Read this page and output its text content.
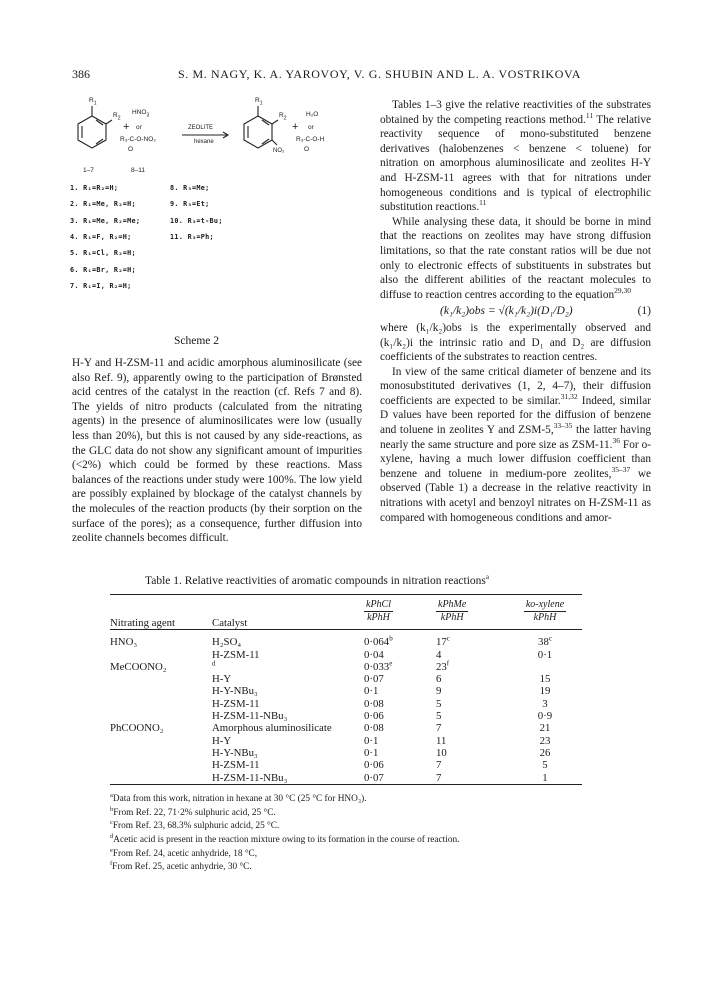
386	S. M. NAGY, K. A. YAROVOY, V. G. SHUBIN AND L. A. VOSTRIKOVA
$R_1$
$R_2$
$HNO_3$
+ or
R₃-C-O-NO₂
O
ZEOLITE
hexane
$R_1$
$R_2$
NO₂
H₂O
+ or
R₃-C-O-H
O
1–7	8–11
1. R₁=R₂=H;
2. R₁=Me, R₂=H;
3. R₁=Me, R₂=Me;
4. R₁=F, R₂=H;
5. R₁=Cl, R₂=H;
6. R₁=Br, R₂=H;
7. R₁=I, R₂=H;
8. R₃=Me;
9. R₃=Et;
10. R₃=t-Bu;
11. R₃=Ph;
Scheme 2

H-Y and H-ZSM-11 and acidic amorphous aluminosilicate (see also Ref. 9), apparently owing to the participation of Brønsted acid centres of the catalyst in the reaction (cf. Refs 7 and 8). The yields of nitro products (calculated from the nitrating agents) in the presence of aluminosilicates were low (usually less than 20%), but this is not caused by any side-reactions, as the GLC data do not show any significant amount of impurities (<2%) which could be formed by these reactions. Mass balances of the reactions under study were 100%. The low yield are possibly explained by blockage of the catalyst channels by the molecules of the reaction products (by their sorption on the surface of the pores); as a consequence, further diffusion into zeolite channels becomes difficult.

Tables 1–3 give the relative reactivities of the substrates obtained by the competing reactions method.$^{11}$ The relative reactivity sequence of mono-substituted benzene derivatives (halobenzenes < benzene < toluene) for nitration on amorphous aluminosilicate and zeolites H-Y and H-ZSM-11 agrees with that for nitrations under homogeneous conditions and is typical of electrophilic substitution reactions.$^{11}$

While analysing these data, it should be borne in mind that the reactions on zeolites may have strong diffusion limitations, so that the rate constant ratios will be due not only to electronic effects of substituents in substrates but also the different abilities of the reactant molecules to diffuse to reaction centres according to the equation$^{29,30}$

(k₁/k₂)obs = √(k₁/k₂)i(D₁/D₂)	(1)

where (k₁/k₂)obs is the experimentally observed and (k₁/k₂)i the intrinsic ratio and D₁ and D₂ are diffusion coefficients of the substrates to reaction centres.

In view of the same critical diameter of benzene and its monosubstituted derivatives (1, 2, 4–7), their diffusion coefficients are expected to be similar.$^{31,32}$ Indeed, similar D values have been reported for the diffusion of benzene and toluene in zeolites Y and ZSM-5,$^{33-35}$ the latter having nearly the same structure and pore size as ZSM-11.36 For o-xylene, having a much lower diffusion coefficient than benzene and toluene in medium-pore zeolites,$^{35-37}$ we observed (Table 1) a decrease in the relative reactivity in nitrations with acetyl and benzoyl nitrates on H-ZSM-11 as compared with homogeneous conditions and amor-

Table 1. Relative reactivities of aromatic compounds in nitration reactions$^a$
Nitrating agent	Catalyst	$\frac{\text{kPhCl}}{\text{kPhH}}$	$\frac{\text{kPhMe}}{\text{kPhH}}$	$\frac{\text{ko-xylene}}{\text{kPhH}}$

HNO₃	H₂SO₄	$0\cdot 064^b$	17$^c$	38$^c$
	H-ZSM-11	0·04	4	0·1
MeCOONO₂	$^d$	$0\cdot 033^e$	23$^f$	
	H-Y	0·07	6	15
	H-Y-NBu₃	0·1	9	19
	H-ZSM-11	0·08	5	3
	H-ZSM-11-NBu₃	0·06	5	0·9
PhCOONO₂	Amorphous aluminosilicate	0·08	7	21
	H-Y	0·1	11	23
	H-Y-NBu₃	0·1	10	26
	H-ZSM-11	0·06	7	5
	H-ZSM-11-NBu₃	0·07	7	1

$^a$Data from this work, nitration in hexane at 30 °C (25 °C for HNO₃).
$^b$From Ref. 22, 71·2% sulphuric acid, 25 °C.
$^c$From Ref. 23, 68.3% sulphuric adcid, 25 °C.
$^d$Acetic acid is present in the reaction mixture owing to its formation in the course of reaction.
$^e$From Ref. 24, acetic anhydride, 18 °C,
$^f$From Ref. 25, acetic anhydrie, 30 °C.
